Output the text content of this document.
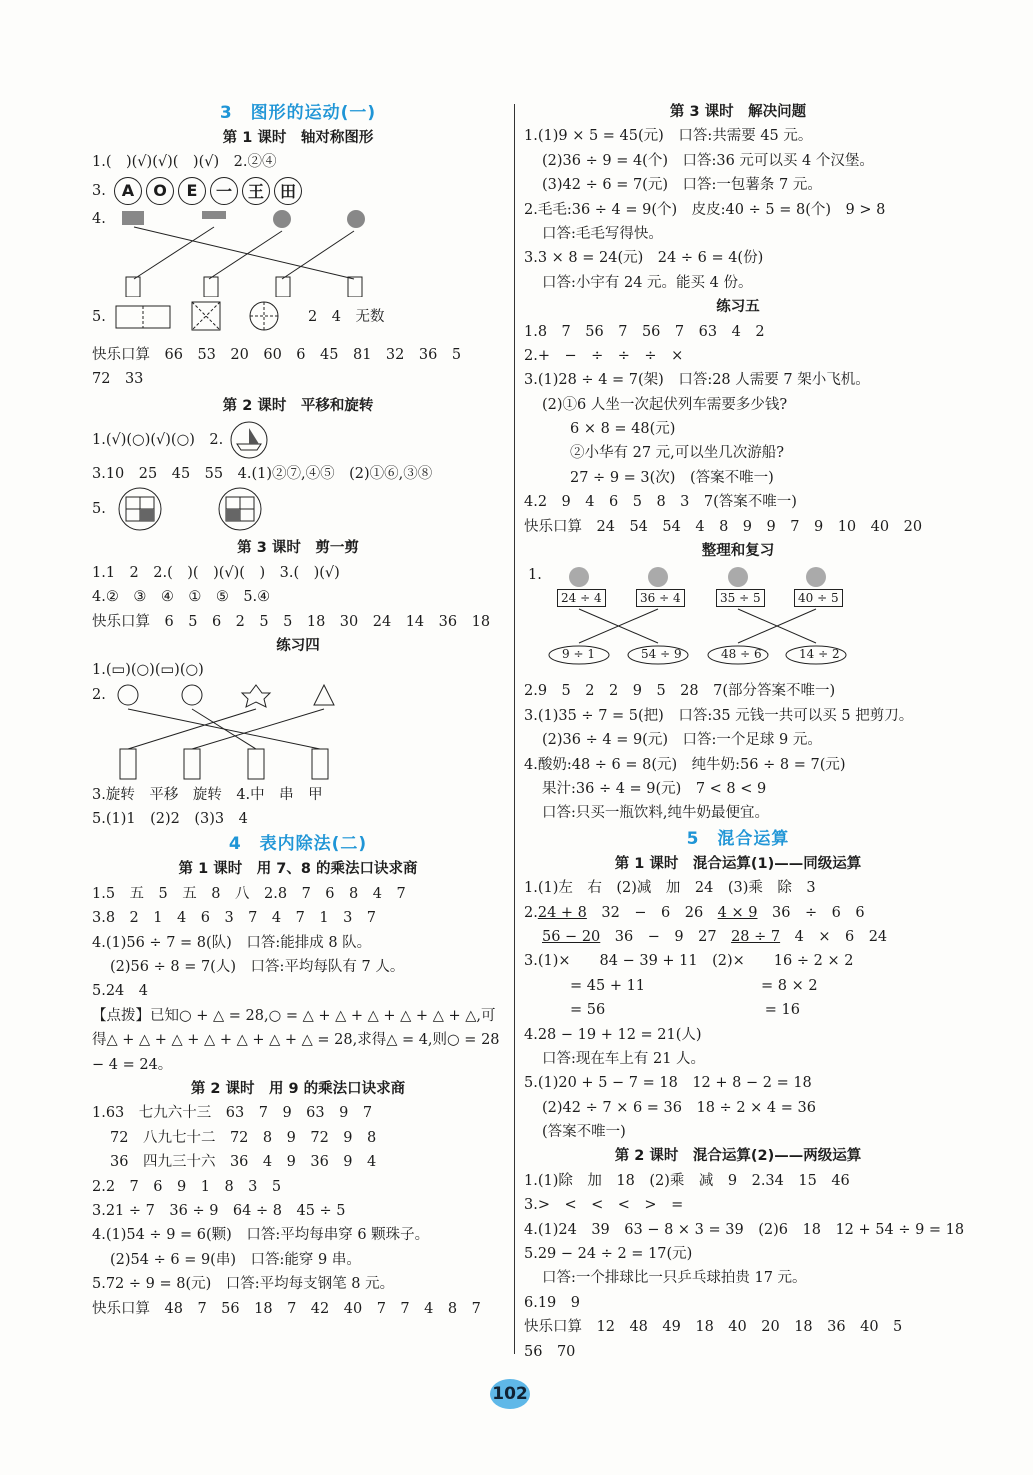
3　图形的运动(一)
第 1 课时　轴对称图形
1.(　)(√)(√)(　)(√)　2.②④
3. A	O	E	一 王 田
4.
5.	2　4　无数
快乐口算　66　53　20　60　6　45　81　32　36　5
72　33
第 2 课时　平移和旋转
1.(√)(○)(√)(○)　2.
3.10　25　45　55　4.(1)②⑦,④⑤　(2)①⑥,③⑧
5.
第 3 课时　剪一剪
1.1　2　2.(　)(　)(√)(　)　3.(　)(√)
4.②　③　④　①　⑤　5.④
快乐口算　6　5　6　2　5　5　18　30　24　14　36　18
练习四
1.(▭)(○)(▭)(○)
2.
3.旋转　平移　旋转　4.中　串　甲
5.(1)1　(2)2　(3)3　4
4　表内除法(二)
第 1 课时　用 7、8 的乘法口诀求商
1.5　五　5　五　8　八　2.8　7　6　8　4　7
3.8　2　1　4　6　3　7　4　7　1　3　7
4.(1)56 ÷ 7 = 8(队)　口答:能排成 8 队。
(2)56 ÷ 8 = 7(人)　口答:平均每队有 7 人。
5.24　4
【点拨】已知○ + △ = 28,○ = △ + △ + △ + △ + △ + △,可得△ + △ + △ + △ + △ + △ + △ = 28,求得△ = 4,则○ = 28 − 4 = 24。
第 2 课时　用 9 的乘法口诀求商
1.63　七九六十三　63　7　9　63　9　7
72　八九七十二　72　8　9　72　9　8
36　四九三十六　36　4　9　36　9　4
2.2　7　6　9　1　8　3　5
3.21 ÷ 7　36 ÷ 9　64 ÷ 8　45 ÷ 5
4.(1)54 ÷ 9 = 6(颗)　口答:平均每串穿 6 颗珠子。
(2)54 ÷ 6 = 9(串)　口答:能穿 9 串。
5.72 ÷ 9 = 8(元)　口答:平均每支钢笔 8 元。
快乐口算　48　7　56　18　7　42　40　7　7　4　8　7
第 3 课时　解决问题
1.(1)9 × 5 = 45(元)　口答:共需要 45 元。
(2)36 ÷ 9 = 4(个)　口答:36 元可以买 4 个汉堡。
(3)42 ÷ 6 = 7(元)　口答:一包薯条 7 元。
2.毛毛:36 ÷ 4 = 9(个)　皮皮:40 ÷ 5 = 8(个)　9 > 8
口答:毛毛写得快。
3.3 × 8 = 24(元)　24 ÷ 6 = 4(份)
口答:小宇有 24 元。能买 4 份。
练习五
1.8　7　56　7　56　7　63　4　2
2.+　−　÷　÷　÷　×
3.(1)28 ÷ 4 = 7(架)　口答:28 人需要 7 架小飞机。
(2)①6 人坐一次起伏列车需要多少钱?
6 × 8 = 48(元)
②小华有 27 元,可以坐几次游船?
27 ÷ 9 = 3(次)　(答案不唯一)
4.2　9　4　6　5　8　3　7(答案不唯一)
快乐口算　24　54　54　4　8　9　9　7　9　10　40　20
整理和复习
1.
24 ÷ 4	36 ÷ 4	35 ÷ 5	40 ÷ 5
9 ÷ 1	54 ÷ 9	48 ÷ 6	14 ÷ 2
2.9　5　2　2　9　5　28　7(部分答案不唯一)
3.(1)35 ÷ 7 = 5(把)　口答:35 元钱一共可以买 5 把剪刀。
(2)36 ÷ 4 = 9(元)　口答:一个足球 9 元。
4.酸奶:48 ÷ 6 = 8(元)　纯牛奶:56 ÷ 8 = 7(元)
果汁:36 ÷ 4 = 9(元)　7 < 8 < 9
口答:只买一瓶饮料,纯牛奶最便宜。
5　混合运算
第 1 课时　混合运算(1)——同级运算
1.(1)左　右　(2)减　加　24　(3)乘　除　3
2.24 + 8　32　−　6　26　4 × 9　36　÷　6　6
56 − 20　36　−　9　27　28 ÷ 7　4　×　6　24
3.(1)×　　84 − 39 + 11　(2)×　　16 ÷ 2 × 2
= 45 + 11　　　　　　　　= 8 × 2
= 56　　　　　　　　　　　= 16
4.28 − 19 + 12 = 21(人)
口答:现在车上有 21 人。
5.(1)20 + 5 − 7 = 18　12 + 8 − 2 = 18
(2)42 ÷ 7 × 6 = 36　18 ÷ 2 × 4 = 36
(答案不唯一)
第 2 课时　混合运算(2)——两级运算
1.(1)除　加　18　(2)乘　减　9　2.34　15　46
3.>　<　<　<　>　=
4.(1)24　39　63 − 8 × 3 = 39　(2)6　18　12 + 54 ÷ 9 = 18
5.29 − 24 ÷ 2 = 17(元)
口答:一个排球比一只乒乓球拍贵 17 元。
6.19　9
快乐口算　12　48　49　18　40　20　18　36　40　5
56　70
102
